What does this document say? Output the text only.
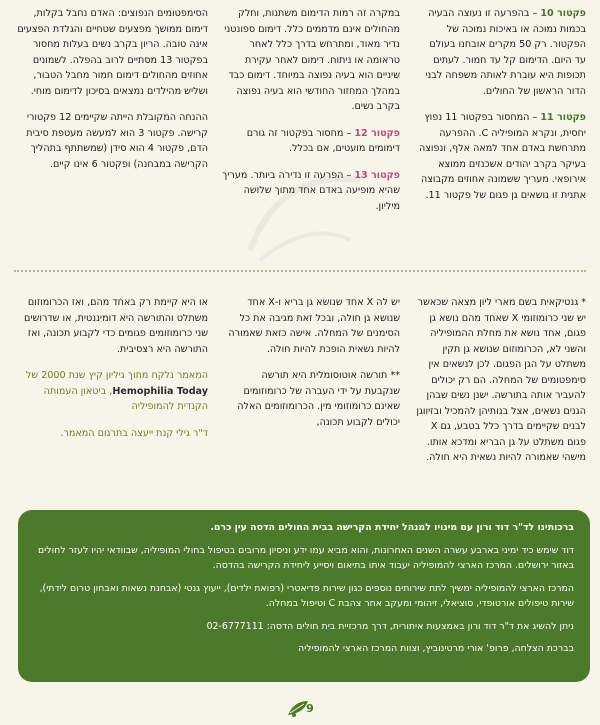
פקטור 10 – בהפרעה זו נעוצה הבעיה בכמות נמוכה או באיכות נמוכה של הפקטור. רק 50 מקרים אובחנו בעולם עד היום. הדימום קל עד חמור. לעתים תכופות היא עוברת לאותה משפחה לבני הדור הראשון של החולים.

פקטור 11 – המחסור בפקטור 11 נפוץ יחסית, ונקרא המופיליה C. ההפרעה מתרחשת באדם אחד למאה אלף, ונפוצה בעיקר בקרב יהודים אשכנזים ממוצא אירופאי. מעריך ששמונה אחוזים מקבוצה אתנית זו נושאים גן פגום של פקטור 11.

במקרה זה רמות הדימום משתנות, וחלק מהחולים אינם מדממים כלל. דימום ספונטני נדיר מאוד, ומתרחש בדרך כלל לאחר טראומה או ניתוח. דימום לאחר עקירת שיניים הוא בעיה נפוצה במיוחד. דימום כבד במהלך המחזור החודשי הוא בעיה נפוצה בקרב נשים.

פקטור 12 – מחסור בפקטור זה גורם דימומים מועטים, אם בכלל.

פקטור 13 – הפרעה זו נדירה ביותר. מעריך שהיא מופיעה באדם אחד מתוך שלושה מיליון.

הסימפטומים הנפוצים: האדם נחבל בקלות, דימום ממושך מפצעים שטחיים והגלדת הפצעים אינה טובה. הריון בקרב נשים בעלות מחסור בפקטור 13 מסתיים לרוב בהפלה. לשמונים אחוזים מהחולים דימום חמור מחבל הטבור, ושליש מהילדים נמצאים בסיכון לדימום מוחי.

ההנחה המקובלת הייתה שקיימים 12 פקטורי קרישה. פקטור 3 הוא למעשה מעטפת סיבית הדם, פקטור 4 הוא סידן (שמשתתף בתהליך הקרישה במבחנה) ופקטור 6 אינו קיים.

* גנטיקאית בשם מארי ליון מצאה שכאשר יש שני כרומוזומי X שאחד מהם נושא גן פגום, אחד נושא את מחלת ההמופיליה והשני לא, הכרומוזום שנושא גן תקין משתלט על הגן הפגום. לכן לנשאים אין סימפטומים של המחלה. הם רק יכולים להעביר אותה בתורשה. ישנן נשים שבהן הגנים נשאים, אצל בנותיהן להמכיל ובזיווגן לבנים שקיימים בדרך כלל בטבע, גם X פגום משתלט על גן הבריא ומדכא אותו. מישהי שאמורה להיות נשאית היא חולה.

יש לה X אחד שנושא גן בריא ו‑X אחד שנושא גן חולה, ובכל זאת מגיבה את כל הסימנים של המחלה. אישה כזאת שאמורה להיות נשאית הופכת להיות חולה.

** תורשה אוטוסומלית היא תורשה שנקבעת על ידי העברה של כרומוזומים שאינם כרומוזומי מין. הכרומוזומים האלה יכולים לקבוע תכונה,

או היא קיימת רק באחד מהם, ואז הכרומוזום משתלט והתורשה היא דומיננטית, או שדרושים שני כרומוזומים פגומים כדי לקבוע תכונה, ואז התורשה היא רצסיבית.

המאמר נלקח מתוך גיליון קיץ שנת 2000 של Hemophilia Today, ביטאון העמותה הקנדית להמופיליה

ד"ר גילי קנת ייעצה בתרגום המאמר.

ברכותינו לד"ר דוד ורון עם מינויו למנהל יחידת הקרישה בבית החולים הדסה עין כרם.

דוד שימש כיד ימיני בארבע עשרה השנים האחרונות, והוא מביא עמו ידע וניסיון מרובים בטיפול בחולי המופיליה, שבוודאי יהיו לעזר לחולים באזור ירושלים. המרכז הארצי להמופיליה יעבוד איתו בתיאום ויסייע ליחידת הקרישה בהדסה.

המרכז הארצי להמופיליה ימשיך לתת שירותים נוספים כגון שירות פדיאטרי (רפואת ילדים), ייעוץ גנטי (אבחנת נשאות ואבחון טרום לידתי), שירות טיפולים אורטופדי, סוציאלי, זיהומי ומעקב אחר צהבת C וטיפול במחלה.

ניתן להשיג את ד"ר דוד ורון באמצעות איתורית, דרך מרכזיית בית חולים הדסה: 02-6777111

בברכת הצלחה, פרופ' אורי מרטינוביץ, וצוות המרכז הארצי להמופיליה

9
